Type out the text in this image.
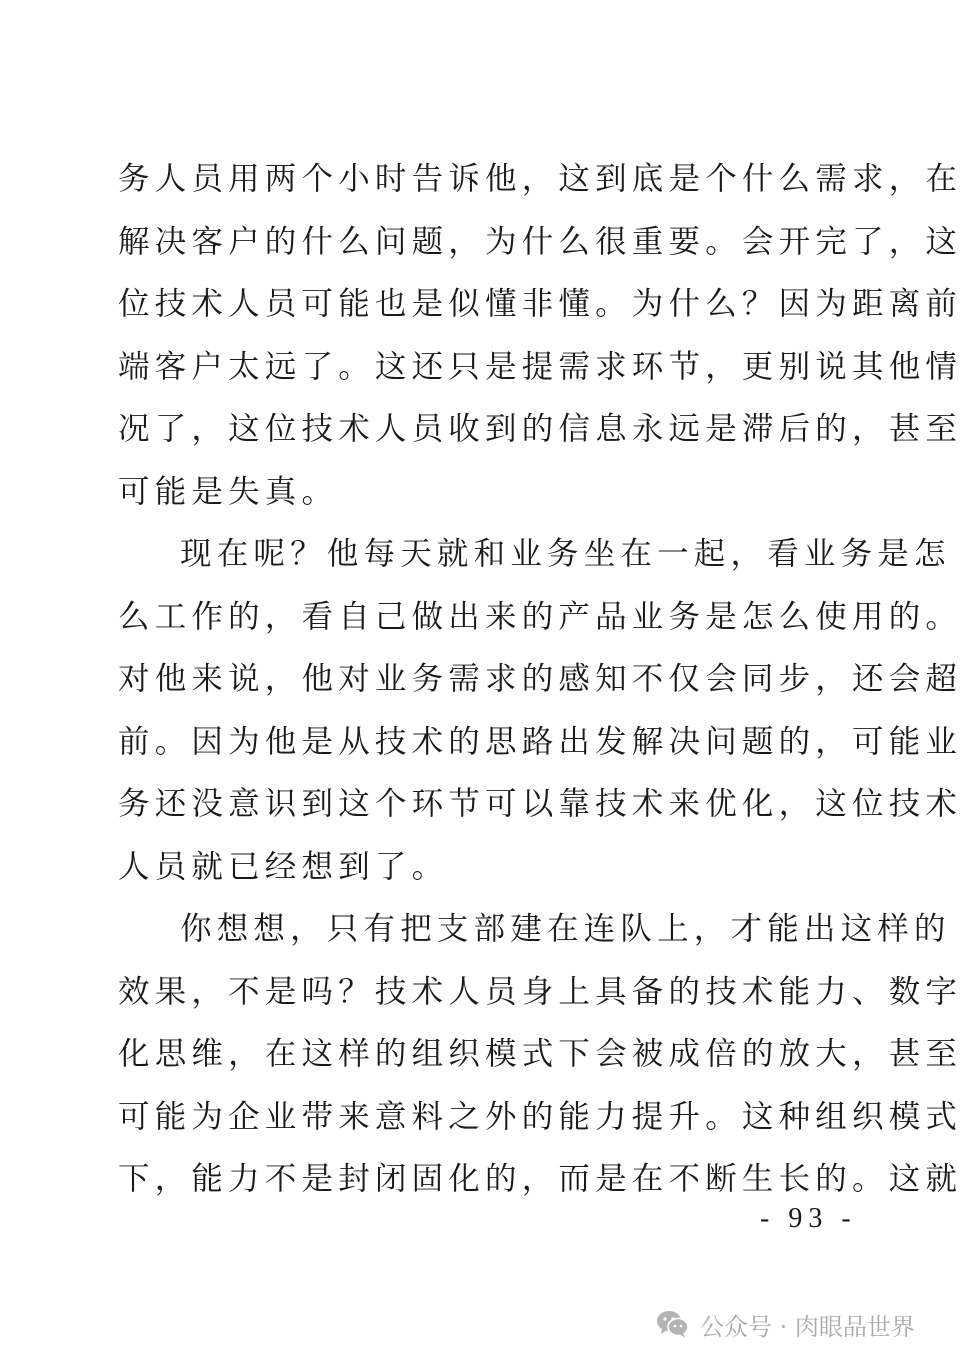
务人员用两个小时告诉他，这到底是个什么需求，在
解决客户的什么问题，为什么很重要。会开完了，这
位技术人员可能也是似懂非懂。为什么？因为距离前
端客户太远了。这还只是提需求环节，更别说其他情
况了，这位技术人员收到的信息永远是滞后的，甚至
可能是失真。
现在呢？他每天就和业务坐在一起，看业务是怎
么工作的，看自己做出来的产品业务是怎么使用的。
对他来说，他对业务需求的感知不仅会同步，还会超
前。因为他是从技术的思路出发解决问题的，可能业
务还没意识到这个环节可以靠技术来优化，这位技术
人员就已经想到了。
你想想，只有把支部建在连队上，才能出这样的
效果，不是吗？技术人员身上具备的技术能力、数字
化思维，在这样的组织模式下会被成倍的放大，甚至
可能为企业带来意料之外的能力提升。这种组织模式
下，能力不是封闭固化的，而是在不断生长的。这就
- 93 -
公众号 · 肉眼品世界
